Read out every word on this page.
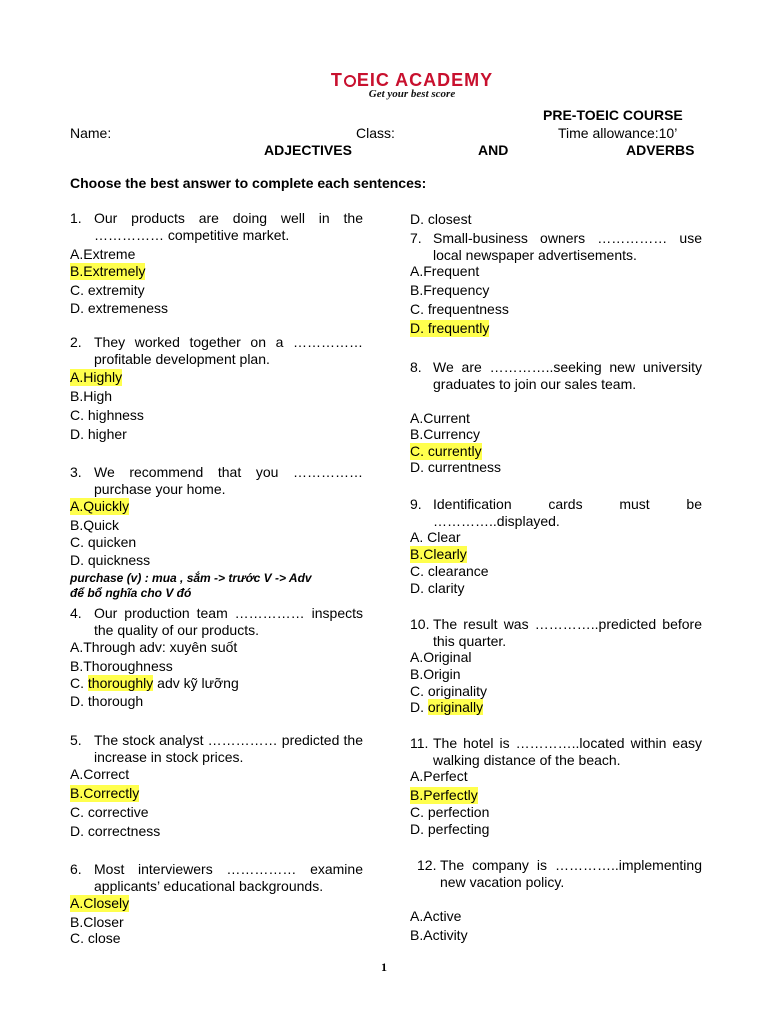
T EIC ACADEMY
Get your best score
PRE-TOEIC COURSE
Name:	Class:	Time allowance:10’
ADJECTIVES	AND	ADVERBS
Choose the best answer to complete each sentences:
1. Our products are doing well in the …………… competitive market.
A.Extreme
B.Extremely
C. extremity
D. extremeness
2. They worked together on a …………… profitable development plan.
A.Highly
B.High
C. highness
D. higher
3. We recommend that you …………… purchase your home.
A.Quickly
B.Quick
C. quicken
D. quickness
purchase (v) : mua , sắm -> trước V -> Adv
để bổ nghĩa cho V đó
4. Our production team …………… inspects the quality of our products.
A.Through adv: xuyên suốt
B.Thoroughness
C. thoroughly adv kỹ lưỡng
D. thorough
5. The stock analyst …………… predicted the increase in stock prices.
A.Correct
B.Correctly
C. corrective
D. correctness
6. Most interviewers …………… examine applicants’ educational backgrounds.
A.Closely
B.Closer
C. close
D. closest
7. Small-business owners …………… use local newspaper advertisements.
A.Frequent
B.Frequency
C. frequentness
D. frequently
8. We are …………..seeking new university graduates to join our sales team.
A.Current
B.Currency
C. currently
D. currentness
9. Identification cards must be …………..displayed.
A. Clear
B.Clearly
C. clearance
D. clarity
10. The result was …………..predicted before this quarter.
A.Original
B.Origin
C. originality
D. originally
11. The hotel is …………..located within easy walking distance of the beach.
A.Perfect
B.Perfectly
C. perfection
D. perfecting
12. The company is …………..implementing new vacation policy.
A.Active
B.Activity
1
